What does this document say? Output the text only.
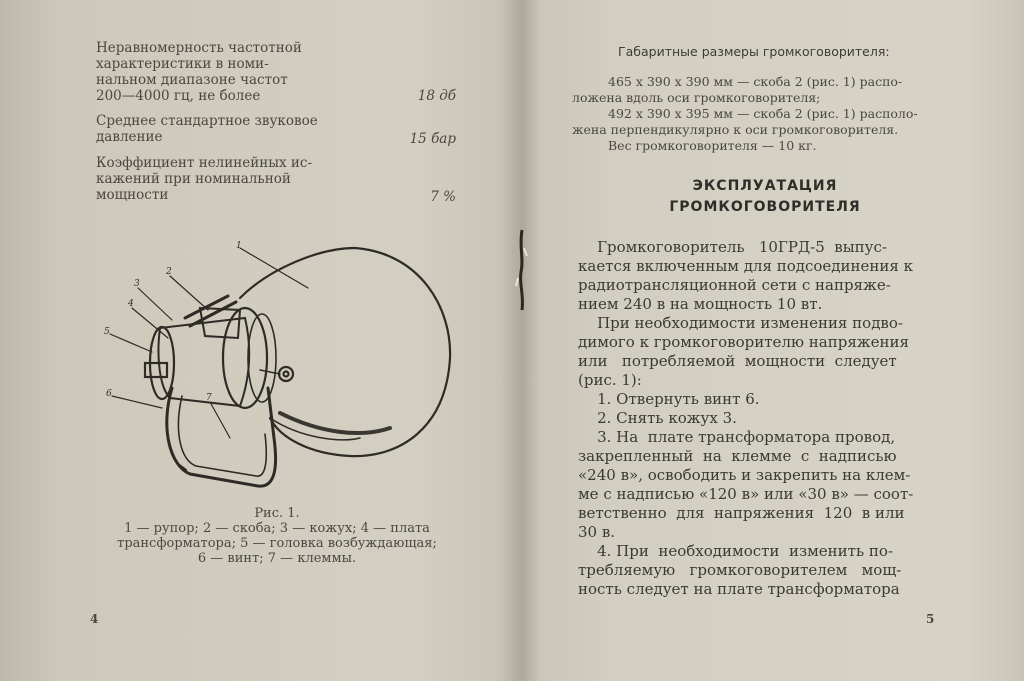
Неравномерность частотной
характеристики в номи-
нальном диапазоне частот
200—4000 гц, не более	18 дб
Среднее стандартное звуковое
давление	15 бар
Коэффициент нелинейных ис-
кажений при номинальной
мощности	7 %
1
2
3
4
5
6	7
Рис. 1.
1 — рупор; 2 — скоба; 3 — кожух; 4 — плата
трансформатора; 5 — головка возбуждающая;
6 — винт; 7 — клеммы.
4
Габаритные размеры громкоговорителя:
465 x 390 x 390 мм — скоба 2 (рис. 1) распо-
ложена вдоль оси громкоговорителя;
492 x 390 x 395 мм — скоба 2 (рис. 1) располо-
жена перпендикулярно к оси громкоговорителя.
Вес громкоговорителя — 10 кг.
ЭКСПЛУАТАЦИЯ
ГРОМКОГОВОРИТЕЛЯ
Громкоговоритель   10ГРД-5  выпус-
кается включенным для подсоединения к
радиотрансляционной сети с напряже-
нием 240 в на мощность 10 вт.
При необходимости изменения подво-
димого к громкоговорителю напряжения
или   потребляемой  мощности  следует
(рис. 1):
1. Отвернуть винт 6.
2. Снять кожух 3.
3. На  плате трансформатора провод,
закрепленный  на  клемме  с  надписью
«240 в», освободить и закрепить на клем-
ме с надписью «120 в» или «30 в» — соот-
ветственно  для  напряжения  120  в или
30 в.
4. При  необходимости  изменить по-
требляемую   громкоговорителем   мощ-
ность следует на плате трансформатора
5
